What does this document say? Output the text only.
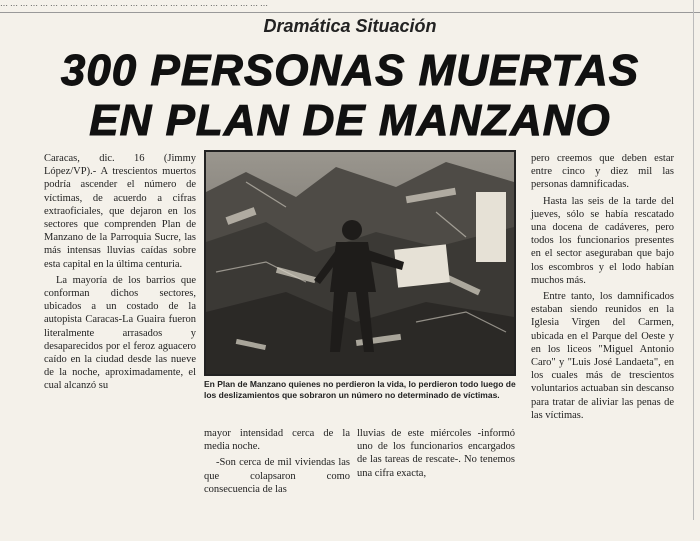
… … … … … … … … … … … … … … … … … … … … … … … … … … …
Dramática Situación
300 PERSONAS MUERTAS
EN PLAN DE MANZANO

Caracas, dic. 16 (Jimmy López/VP).- A trescientos muertos podría ascender el número de víctimas, de acuerdo a cifras extraoficiales, que dejaron en los sectores que comprenden Plan de Manzano de la Parroquia Sucre, las más intensas lluvias caídas sobre esta capital en la última centuria.

La mayoría de los barrios que conforman dichos sectores, ubicados a un costado de la autopista Caracas-La Guaira fueron literalmente arrasados y desaparecidos por el feroz aguacero caído en la ciudad desde las nueve de la noche, aproximadamente, el cual alcanzó su	En Plan de Manzano quienes no perdieron la vida, lo perdieron todo luego de los deslizamientos que sobraron un número no determinado de víctimas.

mayor intensidad cerca de la media noche.

-Son cerca de mil viviendas las que colapsaron como consecuencia de las

lluvias de este miércoles -informó uno de los funcionarios encargados de las tareas de rescate-. No tenemos una cifra exacta,

pero creemos que deben estar entre cinco y diez mil las personas damnificadas.

Hasta las seis de la tarde del jueves, sólo se había rescatado una docena de cadáveres, pero todos los funcionarios presentes en el sector aseguraban que bajo los escombros y el lodo habían muchos más.

Entre tanto, los damnificados estaban siendo reunidos en la Iglesia Virgen del Carmen, ubicada en el Parque del Oeste y en los liceos "Miguel Antonio Caro" y "Luis José Landaeta", en los cuales más de trescientos voluntarios actuaban sin descanso para tratar de aliviar las penas de las víctimas.
